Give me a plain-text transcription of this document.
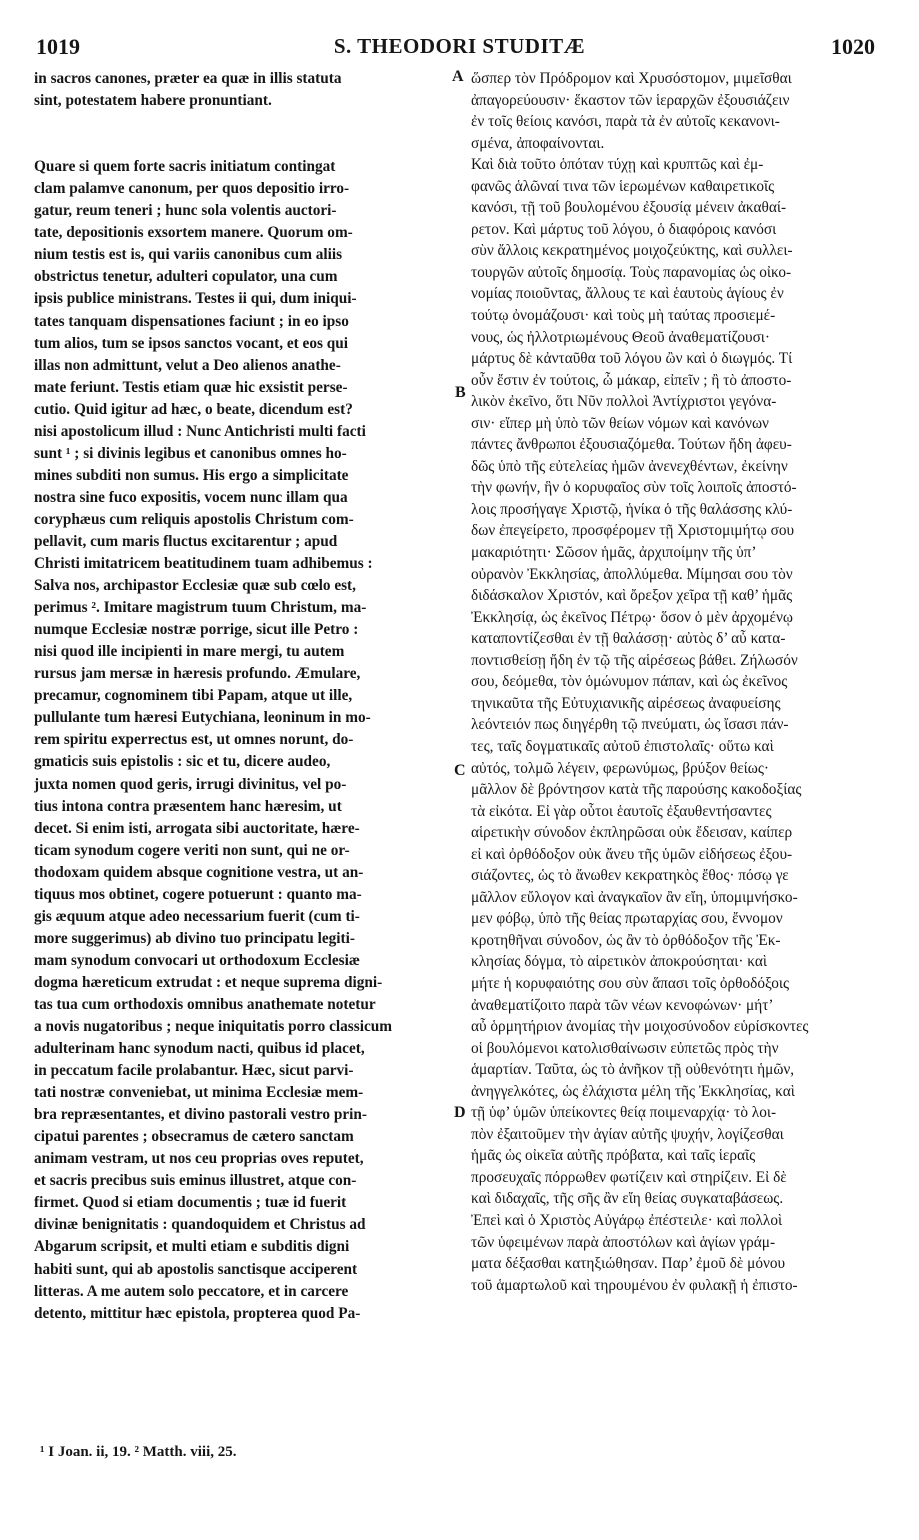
1019	S. THEODORI STUDITÆ	1020
in sacros canones, præter ea quæ in illis statuta
sint, potestatem habere pronuntiant.
Quare si quem forte sacris initiatum contingat
clam palamve canonum, per quos depositio irro-
gatur, reum teneri ; hunc sola volentis auctori-
tate, depositionis exsortem manere. Quorum om-
nium testis est is, qui variis canonibus cum aliis
obstrictus tenetur, adulteri copulator, una cum
ipsis publice ministrans. Testes ii qui, dum iniqui-
tates tanquam dispensationes faciunt ; in eo ipso
tum alios, tum se ipsos sanctos vocant, et eos qui
illas non admittunt, velut a Deo alienos anathe-
mate feriunt. Testis etiam quæ hic exsistit perse-
cutio. Quid igitur ad hæc, o beate, dicendum est?
nisi apostolicum illud : Nunc Antichristi multi facti
sunt ¹ ; si divinis legibus et canonibus omnes ho-
mines subditi non sumus. His ergo a simplicitate
nostra sine fuco expositis, vocem nunc illam qua
coryphæus cum reliquis apostolis Christum com-
pellavit, cum maris fluctus excitarentur ; apud
Christi imitatricem beatitudinem tuam adhibemus :
Salva nos, archipastor Ecclesiæ quæ sub cœlo est,
perimus ². Imitare magistrum tuum Christum, ma-
numque Ecclesiæ nostræ porrige, sicut ille Petro :
nisi quod ille incipienti in mare mergi, tu autem
rursus jam mersæ in hæresis profundo. Æmulare,
precamur, cognominem tibi Papam, atque ut ille,
pullulante tum hæresi Eutychiana, leoninum in mo-
rem spiritu experrectus est, ut omnes norunt, do-
gmaticis suis epistolis : sic et tu, dicere audeo,
juxta nomen quod geris, irrugi divinitus, vel po-
tius intona contra præsentem hanc hæresim, ut
decet. Si enim isti, arrogata sibi auctoritate, hære-
ticam synodum cogere veriti non sunt, qui ne or-
thodoxam quidem absque cognitione vestra, ut an-
tiquus mos obtinet, cogere potuerunt : quanto ma-
gis æquum atque adeo necessarium fuerit (cum ti-
more suggerimus) ab divino tuo principatu legiti-
mam synodum convocari ut orthodoxum Ecclesiæ
dogma hæreticum extrudat : et neque suprema digni-
tas tua cum orthodoxis omnibus anathemate notetur
a novis nugatoribus ; neque iniquitatis porro classicum
adulterinam hanc synodum nacti, quibus id placet,
in peccatum facile prolabantur. Hæc, sicut parvi-
tati nostræ conveniebat, ut minima Ecclesiæ mem-
bra repræsentantes, et divino pastorali vestro prin-
cipatui parentes ; obsecramus de cætero sanctam
animam vestram, ut nos ceu proprias oves reputet,
et sacris precibus suis eminus illustret, atque con-
firmet. Quod si etiam documentis ; tuæ id fuerit
divinæ benignitatis : quandoquidem et Christus ad
Abgarum scripsit, et multi etiam e subditis digni
habiti sunt, qui ab apostolis sanctisque acciperent
litteras. A me autem solo peccatore, et in carcere
detento, mittitur hæc epistola, propterea quod Pa-
ὥσπερ τὸν Πρόδρομον καὶ Χρυσόστομον, μιμεῖσθαι
ἀπαγορεύουσιν· ἕκαστον τῶν ἱεραρχῶν ἐξουσιάζειν
ἐν τοῖς θείοις κανόσι, παρὰ τὰ ἐν αὐτοῖς κεκανονι-
σμένα, ἀποφαίνονται.
Καὶ διὰ τοῦτο ὁπόταν τύχῃ καὶ κρυπτῶς καὶ ἐμ-
φανῶς ἁλῶναί τινα τῶν ἱερωμένων καθαιρετικοῖς
κανόσι, τῇ τοῦ βουλομένου ἐξουσίᾳ μένειν ἀκαθαί-
ρετον. Καὶ μάρτυς τοῦ λόγου, ὁ διαφόροις κανόσι
σὺν ἄλλοις κεκρατημένος μοιχοζεύκτης, καὶ συλλει-
τουργῶν αὐτοῖς δημοσίᾳ. Τοὺς παρανομίας ὡς οἰκο-
νομίας ποιοῦντας, ἄλλους τε καὶ ἑαυτοὺς ἁγίους ἐν
τούτῳ ὀνομάζουσι· καὶ τοὺς μὴ ταύτας προσιεμέ-
νους, ὡς ἠλλοτριωμένους Θεοῦ ἀναθεματίζουσι·
μάρτυς δὲ κἀνταῦθα τοῦ λόγου ὢν καὶ ὁ διωγμός. Τί
οὖν ἔστιν ἐν τούτοις, ὦ μάκαρ, εἰπεῖν ; ἢ τὸ ἀποστο-
λικὸν ἐκεῖνο, ὅτι Νῦν πολλοὶ Ἀντίχριστοι γεγόνα-
σιν· εἴπερ μὴ ὑπὸ τῶν θείων νόμων καὶ κανόνων
πάντες ἄνθρωποι ἐξουσιαζόμεθα. Τούτων ἤδη ἀφευ-
δῶς ὑπὸ τῆς εὐτελείας ἡμῶν ἀνενεχθέντων, ἐκείνην
τὴν φωνήν, ἣν ὁ κορυφαῖος σὺν τοῖς λοιποῖς ἀποστό-
λοις προσήγαγε Χριστῷ, ἡνίκα ὁ τῆς θαλάσσης κλύ-
δων ἐπεγείρετο, προσφέρομεν τῇ Χριστομιμήτῳ σου
μακαριότητι· Σῶσον ἡμᾶς, ἀρχιποίμην τῆς ὑπ’
οὐρανὸν Ἐκκλησίας, ἀπολλύμεθα. Μίμησαι σου τὸν
διδάσκαλον Χριστόν, καὶ ὄρεξον χεῖρα τῇ καθ’ ἡμᾶς
Ἐκκλησίᾳ, ὡς ἐκεῖνος Πέτρῳ· ὅσον ὁ μὲν ἀρχομένῳ
καταποντίζεσθαι ἐν τῇ θαλάσσῃ· αὐτὸς δ’ αὖ κατα-
ποντισθείσῃ ἤδη ἐν τῷ τῆς αἱρέσεως βάθει. Ζήλωσόν
σου, δεόμεθα, τὸν ὁμώνυμον πάπαν, καὶ ὡς ἐκεῖνος
τηνικαῦτα τῆς Εὐτυχιανικῆς αἱρέσεως ἀναφυείσης
λεόντειόν πως διηγέρθη τῷ πνεύματι, ὡς ἴσασι πάν-
τες, ταῖς δογματικαῖς αὐτοῦ ἐπιστολαῖς· οὕτω καὶ
αὐτός, τολμῶ λέγειν, φερωνύμως, βρύξον θείως·
μᾶλλον δὲ βρόντησον κατὰ τῆς παρούσης κακοδοξίας
τὰ εἰκότα. Εἰ γὰρ οὗτοι ἑαυτοῖς ἐξαυθεντήσαντες
αἱρετικὴν σύνοδον ἐκπληρῶσαι οὐκ ἔδεισαν, καίπερ
εἰ καὶ ὀρθόδοξον οὐκ ἄνευ τῆς ὑμῶν εἰδήσεως ἐξου-
σιάζοντες, ὡς τὸ ἄνωθεν κεκρατηκὸς ἔθος· πόσῳ γε
μᾶλλον εὔλογον καὶ ἀναγκαῖον ἂν εἴη, ὑπομιμνήσκο-
μεν φόβῳ, ὑπὸ τῆς θείας πρωταρχίας σου, ἔννομον
κροτηθῆναι σύνοδον, ὡς ἂν τὸ ὀρθόδοξον τῆς Ἐκ-
κλησίας δόγμα, τὸ αἱρετικὸν ἀποκρούσηται· καὶ
μήτε ἡ κορυφαιότης σου σὺν ἅπασι τοῖς ὀρθοδόξοις
ἀναθεματίζοιτο παρὰ τῶν νέων κενοφώνων· μήτ’
αὖ ὁρμητήριον ἀνομίας τὴν μοιχοσύνοδον εὑρίσκοντες
οἱ βουλόμενοι κατολισθαίνωσιν εὐπετῶς πρὸς τὴν
ἁμαρτίαν. Ταῦτα, ὡς τὸ ἀνῆκον τῇ οὐθενότητι ἡμῶν,
ἀνηγγελκότες, ὡς ἐλάχιστα μέλη τῆς Ἐκκλησίας, καὶ
τῇ ὑφ’ ὑμῶν ὑπείκοντες θείᾳ ποιμεναρχίᾳ· τὸ λοι-
πὸν ἐξαιτοῦμεν τὴν ἁγίαν αὐτῆς ψυχήν, λογίζεσθαι
ἡμᾶς ὡς οἰκεῖα αὐτῆς πρόβατα, καὶ ταῖς ἱεραῖς
προσευχαῖς πόρρωθεν φωτίζειν καὶ στηρίζειν. Εἰ δὲ
καὶ διδαχαῖς, τῆς σῆς ἂν εἴη θείας συγκαταβάσεως.
Ἐπεὶ καὶ ὁ Χριστὸς Αὐγάρῳ ἐπέστειλε· καὶ πολλοὶ
τῶν ὑφειμένων παρὰ ἀποστόλων καὶ ἁγίων γράμ-
ματα δέξασθαι κατηξιώθησαν. Παρ’ ἐμοῦ δὲ μόνου
τοῦ ἁμαρτωλοῦ καὶ τηρουμένου ἐν φυλακῇ ἡ ἐπιστο-
A
B
C
D
¹ I Joan. ii, 19. ² Matth. viii, 25.
